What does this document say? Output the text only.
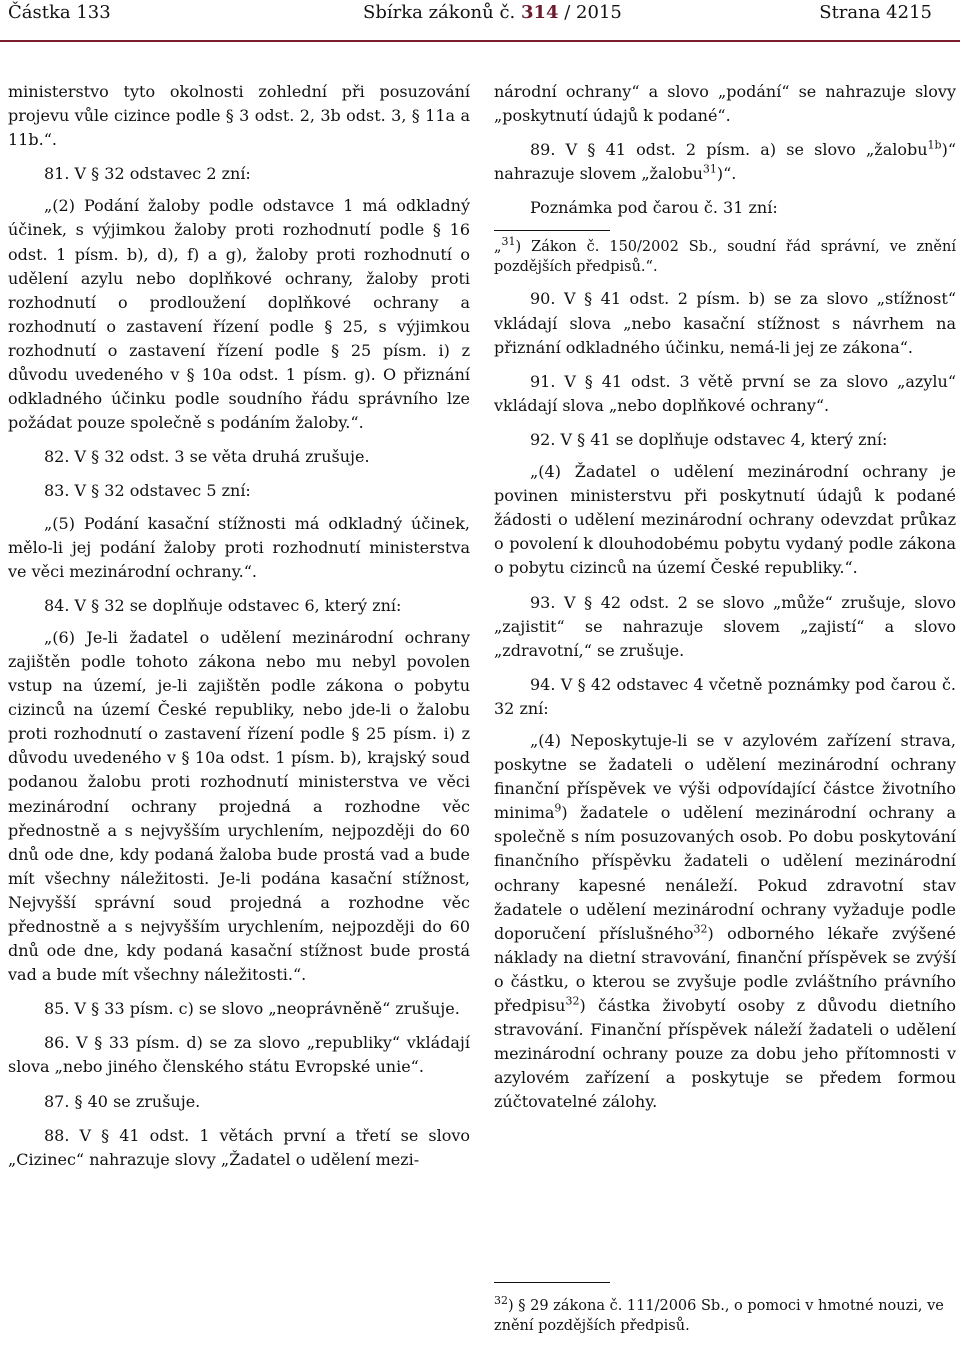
Částka 133	Sbírka zákonů č. 314 / 2015	Strana 4215

ministerstvo tyto okolnosti zohlední při posuzování projevu vůle cizince podle § 3 odst. 2, 3b odst. 3, § 11a a 11b.“.

81. V § 32 odstavec 2 zní:

„(2) Podání žaloby podle odstavce 1 má odkladný účinek, s výjimkou žaloby proti rozhodnutí podle § 16 odst. 1 písm. b), d), f) a g), žaloby proti rozhodnutí o udělení azylu nebo doplňkové ochrany, žaloby proti rozhodnutí o prodloužení doplňkové ochrany a rozhodnutí o zastavení řízení podle § 25, s výjimkou rozhodnutí o zastavení řízení podle § 25 písm. i) z důvodu uvedeného v § 10a odst. 1 písm. g). O přiznání odkladného účinku podle soudního řádu správního lze požádat pouze společně s podáním žaloby.“.

82. V § 32 odst. 3 se věta druhá zrušuje.

83. V § 32 odstavec 5 zní:

„(5) Podání kasační stížnosti má odkladný účinek, mělo-li jej podání žaloby proti rozhodnutí ministerstva ve věci mezinárodní ochrany.“.

84. V § 32 se doplňuje odstavec 6, který zní:

„(6) Je-li žadatel o udělení mezinárodní ochrany zajištěn podle tohoto zákona nebo mu nebyl povolen vstup na území, je-li zajištěn podle zákona o pobytu cizinců na území České republiky, nebo jde-li o žalobu proti rozhodnutí o zastavení řízení podle § 25 písm. i) z důvodu uvedeného v § 10a odst. 1 písm. b), krajský soud podanou žalobu proti rozhodnutí ministerstva ve věci mezinárodní ochrany projedná a rozhodne věc přednostně a s nejvyšším urychlením, nejpozději do 60 dnů ode dne, kdy podaná žaloba bude prostá vad a bude mít všechny náležitosti. Je-li podána kasační stížnost, Nejvyšší správní soud projedná a rozhodne věc přednostně a s nejvyšším urychlením, nejpozději do 60 dnů ode dne, kdy podaná kasační stížnost bude prostá vad a bude mít všechny náležitosti.“.

85. V § 33 písm. c) se slovo „neoprávněně“ zrušuje.

86. V § 33 písm. d) se za slovo „republiky“ vkládají slova „nebo jiného členského státu Evropské unie“.

87. § 40 se zrušuje.

88. V § 41 odst. 1 větách první a třetí se slovo „Cizinec“ nahrazuje slovy „Žadatel o udělení mezi-

národní ochrany“ a slovo „podání“ se nahrazuje slovy „poskytnutí údajů k podané“.

89. V § 41 odst. 2 písm. a) se slovo „žalobu$^{1b}$)“ nahrazuje slovem „žalobu$^{31}$)“.

Poznámka pod čarou č. 31 zní:

„$^{31}$) Zákon č. 150/2002 Sb., soudní řád správní, ve znění pozdějších předpisů.“.

90. V § 41 odst. 2 písm. b) se za slovo „stížnost“ vkládají slova „nebo kasační stížnost s návrhem na přiznání odkladného účinku, nemá-li jej ze zákona“.

91. V § 41 odst. 3 větě první se za slovo „azylu“ vkládají slova „nebo doplňkové ochrany“.

92. V § 41 se doplňuje odstavec 4, který zní:

„(4) Žadatel o udělení mezinárodní ochrany je povinen ministerstvu při poskytnutí údajů k podané žádosti o udělení mezinárodní ochrany odevzdat průkaz o povolení k dlouhodobému pobytu vydaný podle zákona o pobytu cizinců na území České republiky.“.

93. V § 42 odst. 2 se slovo „může“ zrušuje, slovo „zajistit“ se nahrazuje slovem „zajistí“ a slovo „zdravotní,“ se zrušuje.

94. V § 42 odstavec 4 včetně poznámky pod čarou č. 32 zní:

„(4) Neposkytuje-li se v azylovém zařízení strava, poskytne se žadateli o udělení mezinárodní ochrany finanční příspěvek ve výši odpovídající částce životního minima$^9$) žadatele o udělení mezinárodní ochrany a společně s ním posuzovaných osob. Po dobu poskytování finančního příspěvku žadateli o udělení mezinárodní ochrany kapesné nenáleží. Pokud zdravotní stav žadatele o udělení mezinárodní ochrany vyžaduje podle doporučení příslušného$^{32}$) odborného lékaře zvýšené náklady na dietní stravování, finanční příspěvek se zvýší o částku, o kterou se zvyšuje podle zvláštního právního předpisu$^{32}$) částka živobytí osoby z důvodu dietního stravování. Finanční příspěvek náleží žadateli o udělení mezinárodní ochrany pouze za dobu jeho přítomnosti v azylovém zařízení a poskytuje se předem formou zúčtovatelné zálohy.

$^{32}$) § 29 zákona č. 111/2006 Sb., o pomoci v hmotné nouzi, ve znění pozdějších předpisů.
